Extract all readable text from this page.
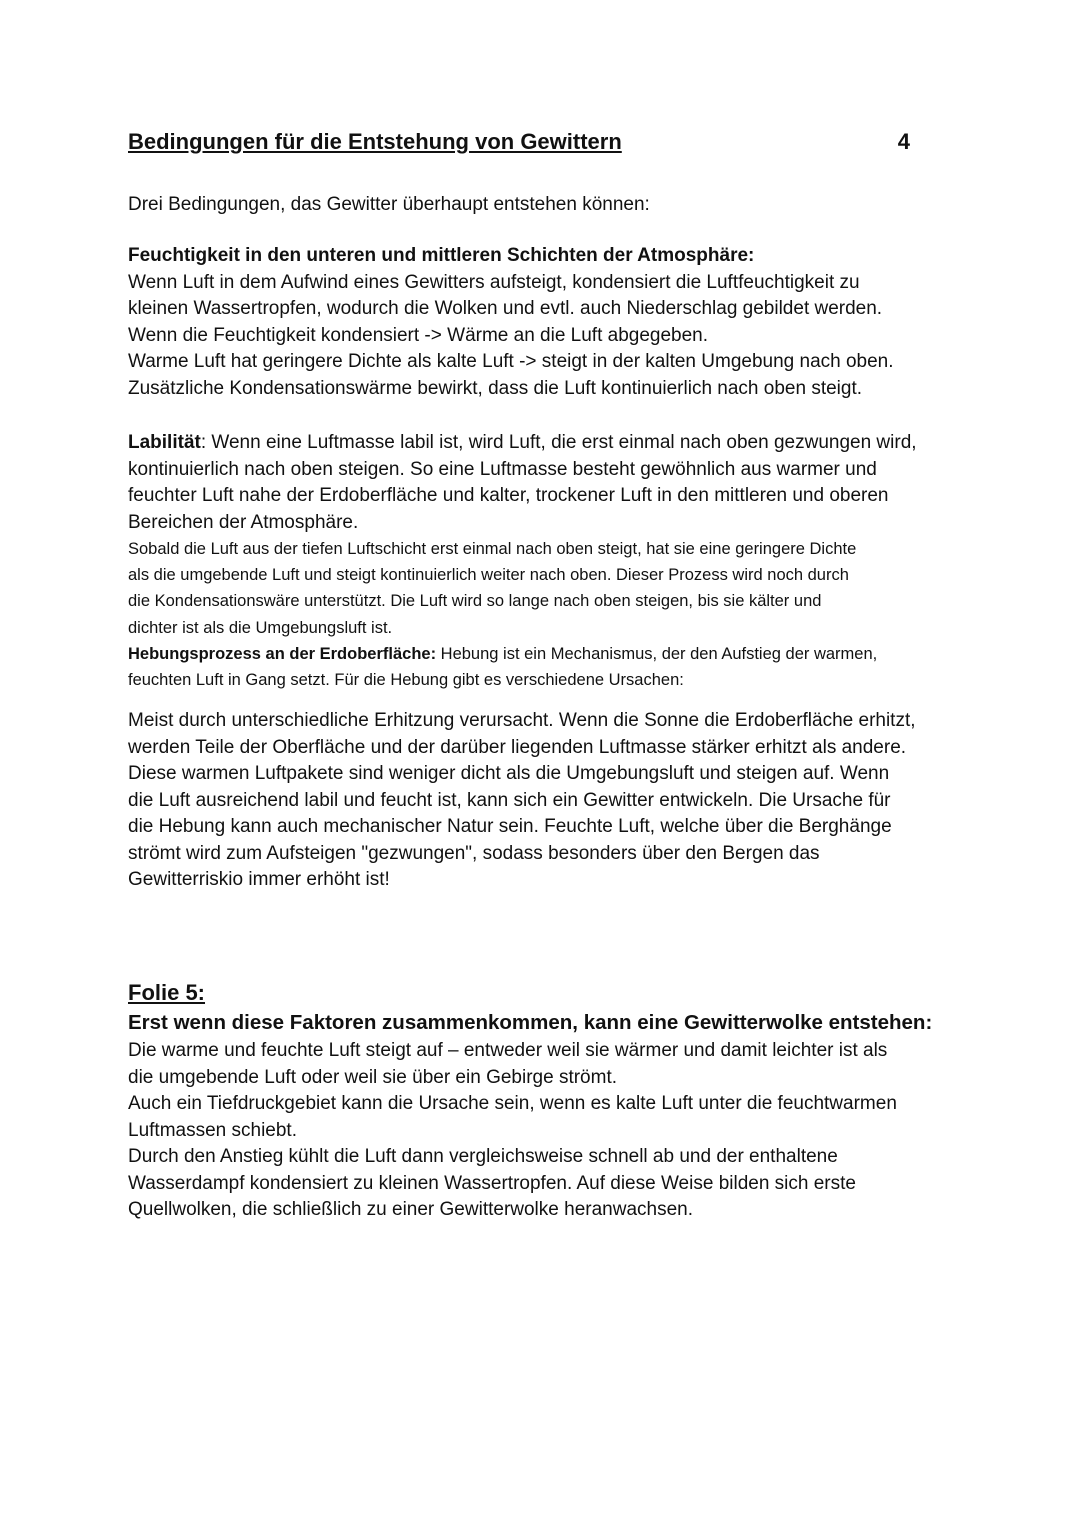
Bedingungen für die Entstehung von Gewittern	4
Drei Bedingungen, das Gewitter überhaupt entstehen können:
Feuchtigkeit in den unteren und mittleren Schichten der Atmosphäre:
Wenn Luft in dem Aufwind eines Gewitters aufsteigt, kondensiert die Luftfeuchtigkeit zu
kleinen Wassertropfen, wodurch die Wolken und evtl. auch Niederschlag gebildet werden.
Wenn die Feuchtigkeit kondensiert -> Wärme an die Luft abgegeben.
Warme Luft hat geringere Dichte als kalte Luft -> steigt in der kalten Umgebung nach oben.
Zusätzliche Kondensationswärme bewirkt, dass die Luft kontinuierlich nach oben steigt.
Labilität: Wenn eine Luftmasse labil ist, wird Luft, die erst einmal nach oben gezwungen wird,
kontinuierlich nach oben steigen. So eine Luftmasse besteht gewöhnlich aus warmer und
feuchter Luft nahe der Erdoberfläche und kalter, trockener Luft in den mittleren und oberen
Bereichen der Atmosphäre.
Sobald die Luft aus der tiefen Luftschicht erst einmal nach oben steigt, hat sie eine geringere Dichte
als die umgebende Luft und steigt kontinuierlich weiter nach oben. Dieser Prozess wird noch durch
die Kondensationswäre unterstützt. Die Luft wird so lange nach oben steigen, bis sie kälter und
dichter ist als die Umgebungsluft ist.
Hebungsprozess an der Erdoberfläche: Hebung ist ein Mechanismus, der den Aufstieg der warmen,
feuchten Luft in Gang setzt. Für die Hebung gibt es verschiedene Ursachen:
Meist durch unterschiedliche Erhitzung verursacht. Wenn die Sonne die Erdoberfläche erhitzt,
werden Teile der Oberfläche und der darüber liegenden Luftmasse stärker erhitzt als andere.
Diese warmen Luftpakete sind weniger dicht als die Umgebungsluft und steigen auf. Wenn
die Luft ausreichend labil und feucht ist, kann sich ein Gewitter entwickeln. Die Ursache für
die Hebung kann auch mechanischer Natur sein. Feuchte Luft, welche über die Berghänge
strömt wird zum Aufsteigen "gezwungen", sodass besonders über den Bergen das
Gewitterriskio immer erhöht ist!
Folie 5:
Erst wenn diese Faktoren zusammenkommen, kann eine Gewitterwolke entstehen:
Die warme und feuchte Luft steigt auf – entweder weil sie wärmer und damit leichter ist als
die umgebende Luft oder weil sie über ein Gebirge strömt.
Auch ein Tiefdruckgebiet kann die Ursache sein, wenn es kalte Luft unter die feuchtwarmen
Luftmassen schiebt.
Durch den Anstieg kühlt die Luft dann vergleichsweise schnell ab und der enthaltene
Wasserdampf kondensiert zu kleinen Wassertropfen. Auf diese Weise bilden sich erste
Quellwolken, die schließlich zu einer Gewitterwolke heranwachsen.
